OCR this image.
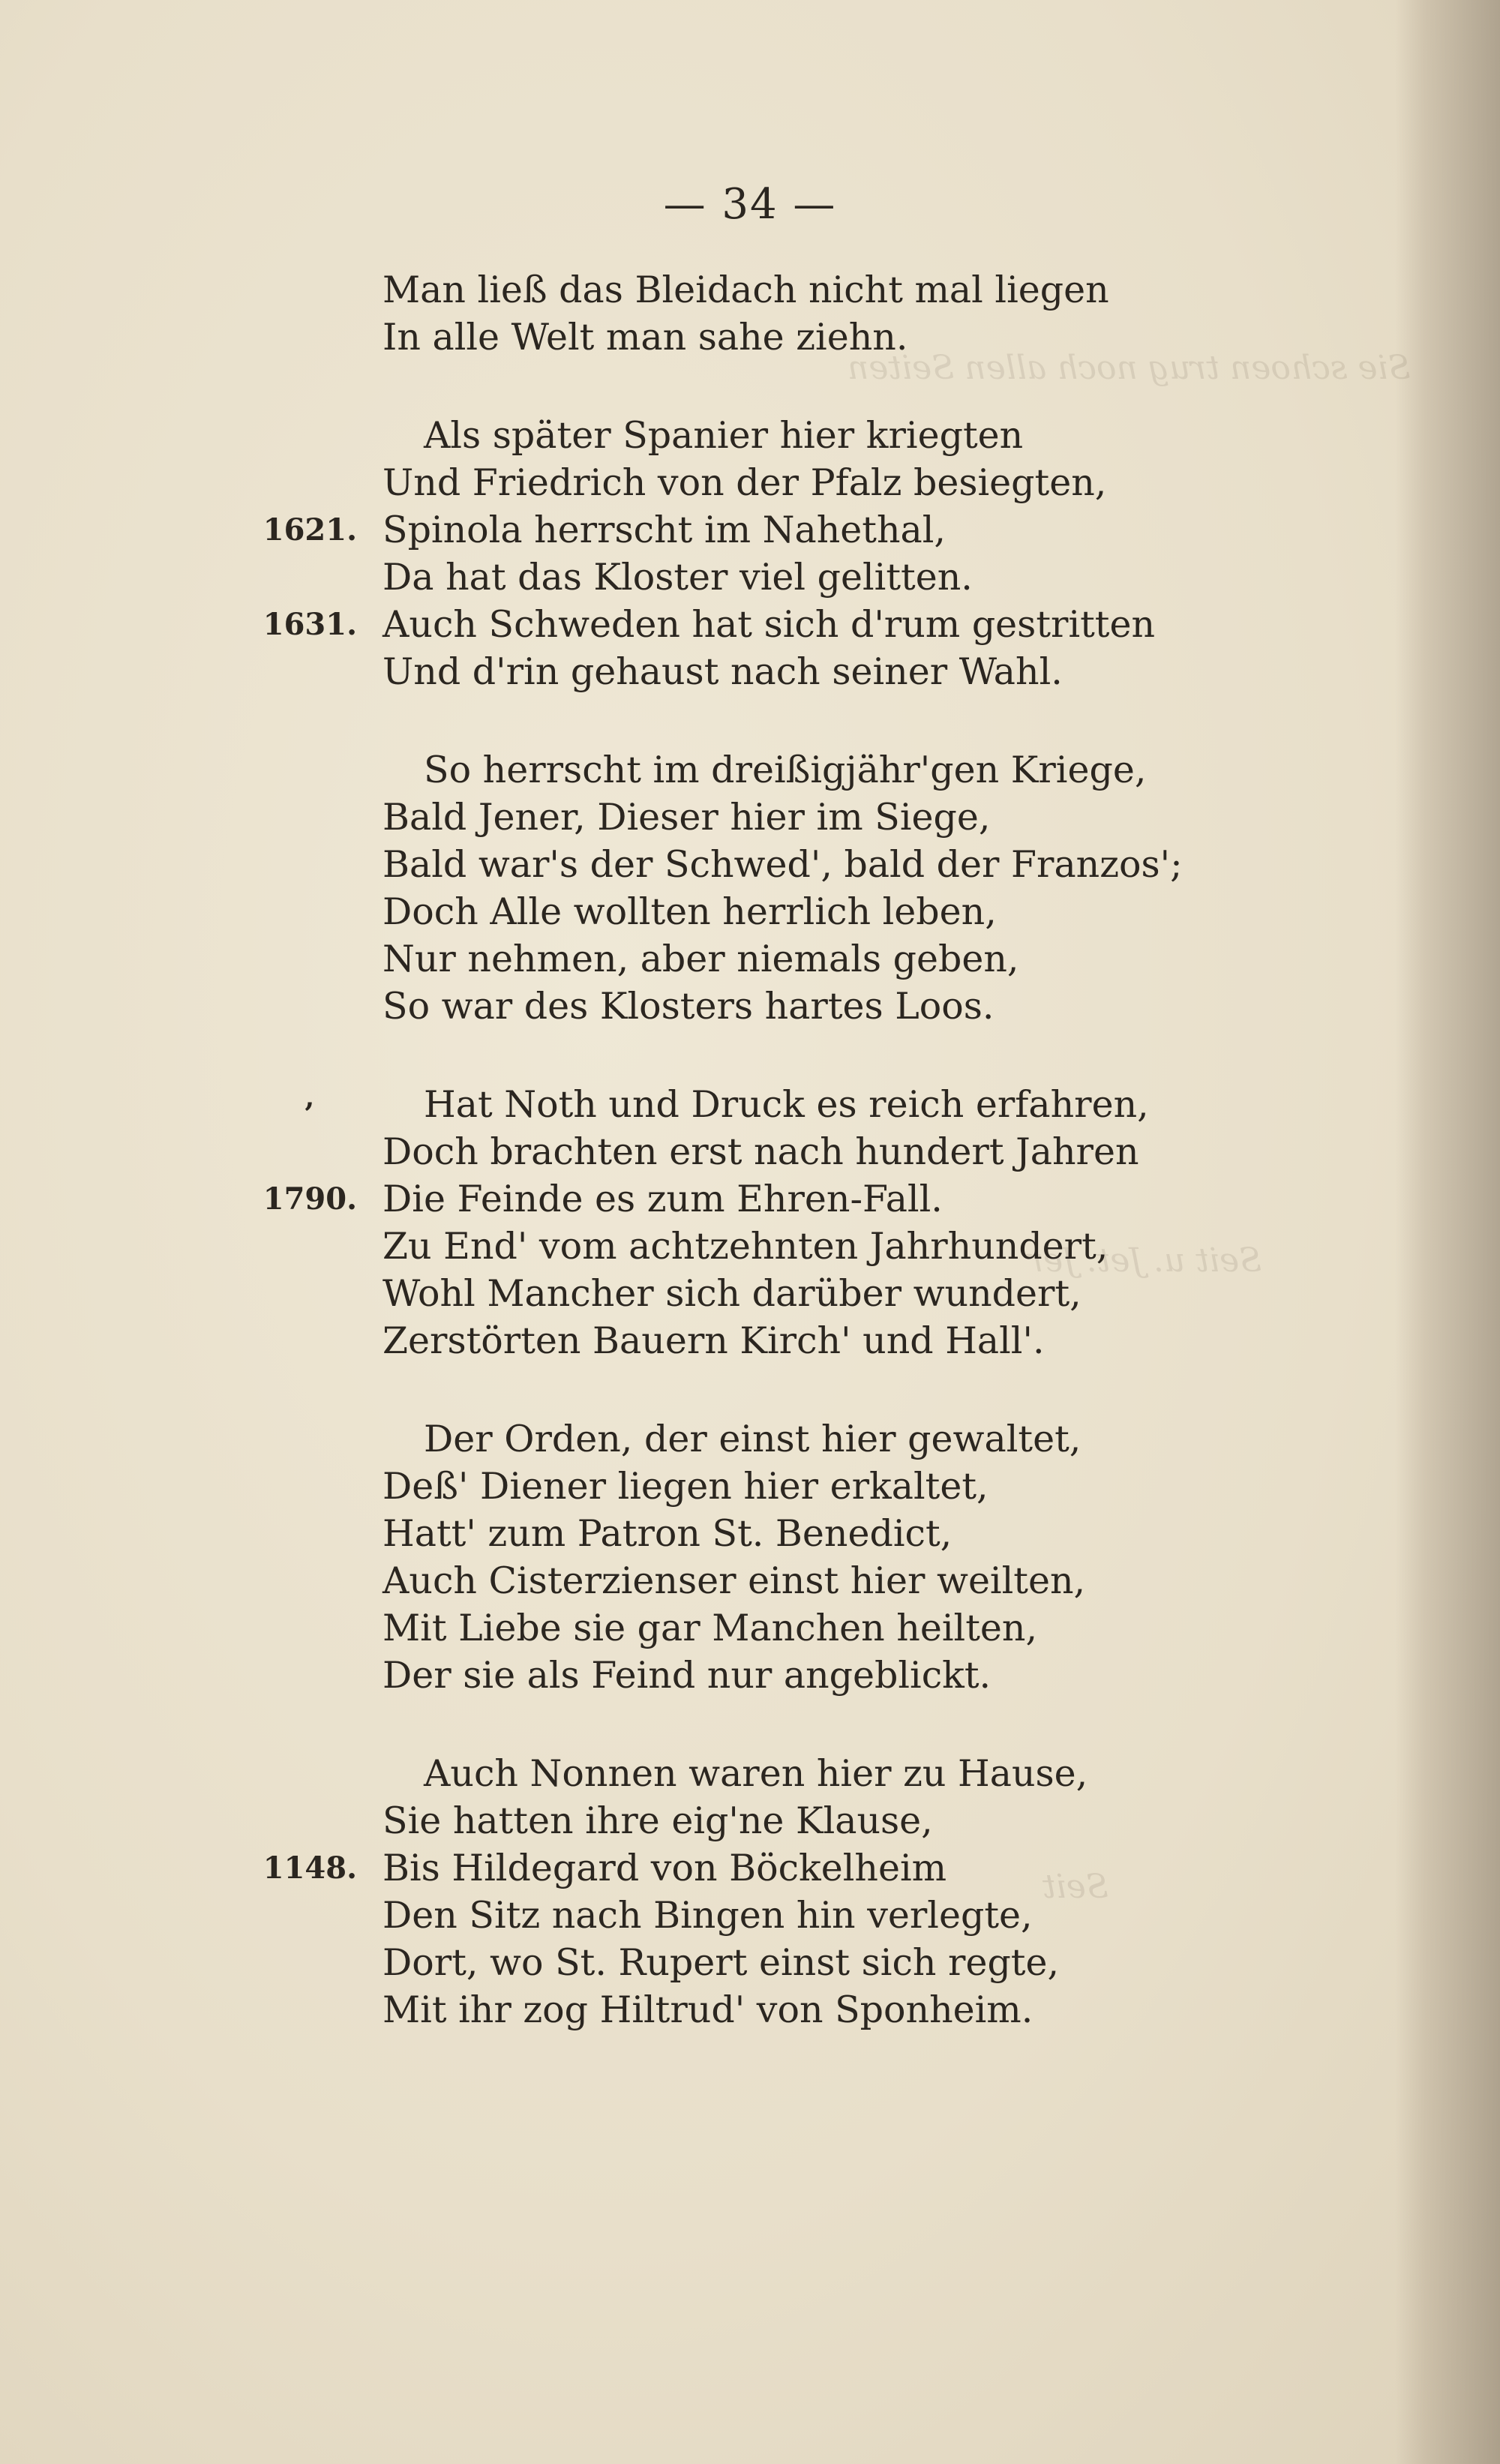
Sie schoen trug noch allen Seiten
Seit u. Jet. Jer
Seit
— 34 —
’
Man ließ das Bleidach nicht mal liegen
In alle Welt man sahe ziehn.
Als später Spanier hier kriegten
Und Friedrich von der Pfalz besiegten,
1621. Spinola herrscht im Nahethal,
Da hat das Kloster viel gelitten.
1631. Auch Schweden hat sich d'rum gestritten
Und d'rin gehaust nach seiner Wahl.
So herrscht im dreißigjähr'gen Kriege,
Bald Jener, Dieser hier im Siege,
Bald war's der Schwed', bald der Franzos';
Doch Alle wollten herrlich leben,
Nur nehmen, aber niemals geben,
So war des Klosters hartes Loos.
Hat Noth und Druck es reich erfahren,
Doch brachten erst nach hundert Jahren
1790. Die Feinde es zum Ehren-Fall.
Zu End' vom achtzehnten Jahrhundert,
Wohl Mancher sich darüber wundert,
Zerstörten Bauern Kirch' und Hall'.
Der Orden, der einst hier gewaltet,
Deß' Diener liegen hier erkaltet,
Hatt' zum Patron St. Benedict,
Auch Cisterzienser einst hier weilten,
Mit Liebe sie gar Manchen heilten,
Der sie als Feind nur angeblickt.
Auch Nonnen waren hier zu Hause,
Sie hatten ihre eig'ne Klause,
1148. Bis Hildegard von Böckelheim
Den Sitz nach Bingen hin verlegte,
Dort, wo St. Rupert einst sich regte,
Mit ihr zog Hiltrud' von Sponheim.
